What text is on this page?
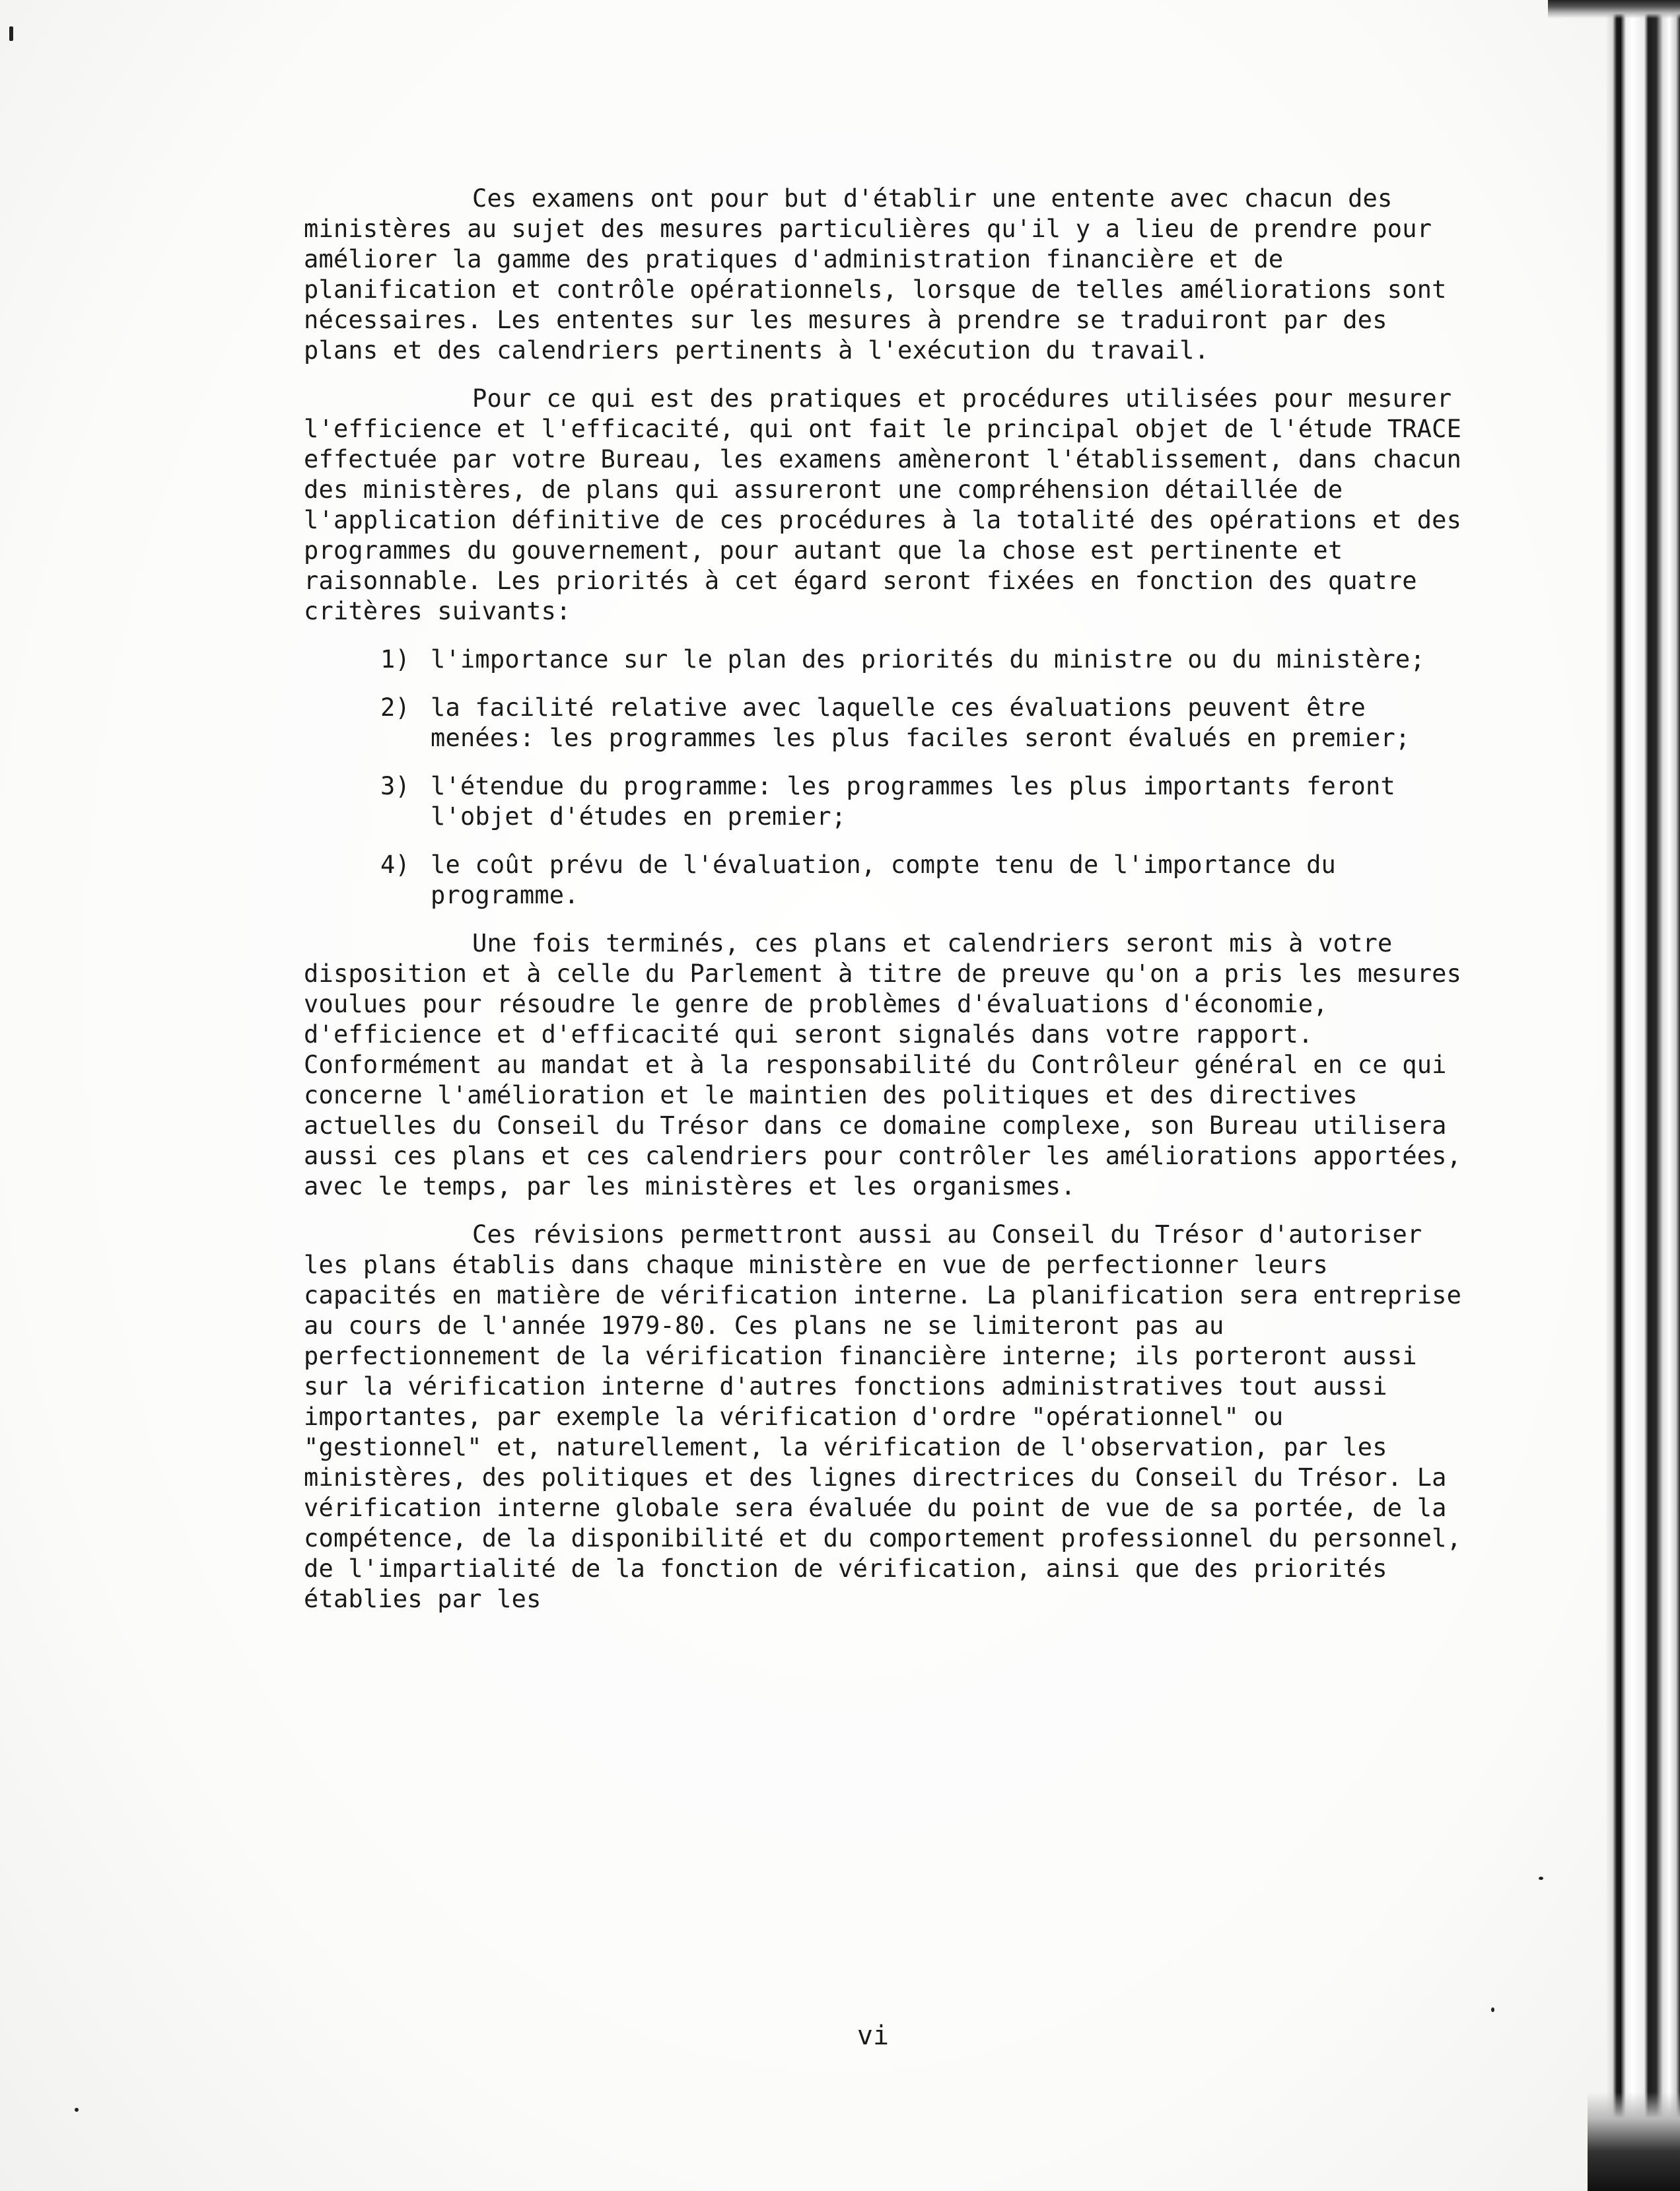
Ces examens ont pour but d'établir une entente avec chacun des ministères au sujet des mesures particulières qu'il y a lieu de prendre pour améliorer la gamme des pratiques d'administration financière et de planification et contrôle opérationnels, lorsque de telles améliorations sont nécessaires. Les ententes sur les mesures à prendre se traduiront par des plans et des calendriers pertinents à l'exécution du travail.

Pour ce qui est des pratiques et procédures utilisées pour mesurer l'efficience et l'efficacité, qui ont fait le principal objet de l'étude TRACE effectuée par votre Bureau, les examens amèneront l'établissement, dans chacun des ministères, de plans qui assureront une compréhension détaillée de l'application définitive de ces procédures à la totalité des opérations et des programmes du gouvernement, pour autant que la chose est pertinente et raisonnable. Les priorités à cet égard seront fixées en fonction des quatre critères suivants:

1) l'importance sur le plan des priorités du ministre ou du ministère;
2) la facilité relative avec laquelle ces évaluations peuvent être menées: les programmes les plus faciles seront évalués en premier;
3) l'étendue du programme: les programmes les plus importants feront l'objet d'études en premier;
4) le coût prévu de l'évaluation, compte tenu de l'importance du programme.

Une fois terminés, ces plans et calendriers seront mis à votre disposition et à celle du Parlement à titre de preuve qu'on a pris les mesures voulues pour résoudre le genre de problèmes d'évaluations d'économie, d'efficience et d'efficacité qui seront signalés dans votre rapport. Conformément au mandat et à la responsabilité du Contrôleur général en ce qui concerne l'amélioration et le maintien des politiques et des directives actuelles du Conseil du Trésor dans ce domaine complexe, son Bureau utilisera aussi ces plans et ces calendriers pour contrôler les améliorations apportées, avec le temps, par les ministères et les organismes.

Ces révisions permettront aussi au Conseil du Trésor d'autoriser les plans établis dans chaque ministère en vue de perfectionner leurs capacités en matière de vérification interne. La planification sera entreprise au cours de l'année 1979-80. Ces plans ne se limiteront pas au perfectionnement de la vérification financière interne; ils porteront aussi sur la vérification interne d'autres fonctions administratives tout aussi importantes, par exemple la vérification d'ordre "opérationnel" ou "gestionnel" et, naturellement, la vérification de l'observation, par les ministères, des politiques et des lignes directrices du Conseil du Trésor. La vérification interne globale sera évaluée du point de vue de sa portée, de la compétence, de la disponibilité et du comportement professionnel du personnel, de l'impartialité de la fonction de vérification, ainsi que des priorités établies par les

vi
